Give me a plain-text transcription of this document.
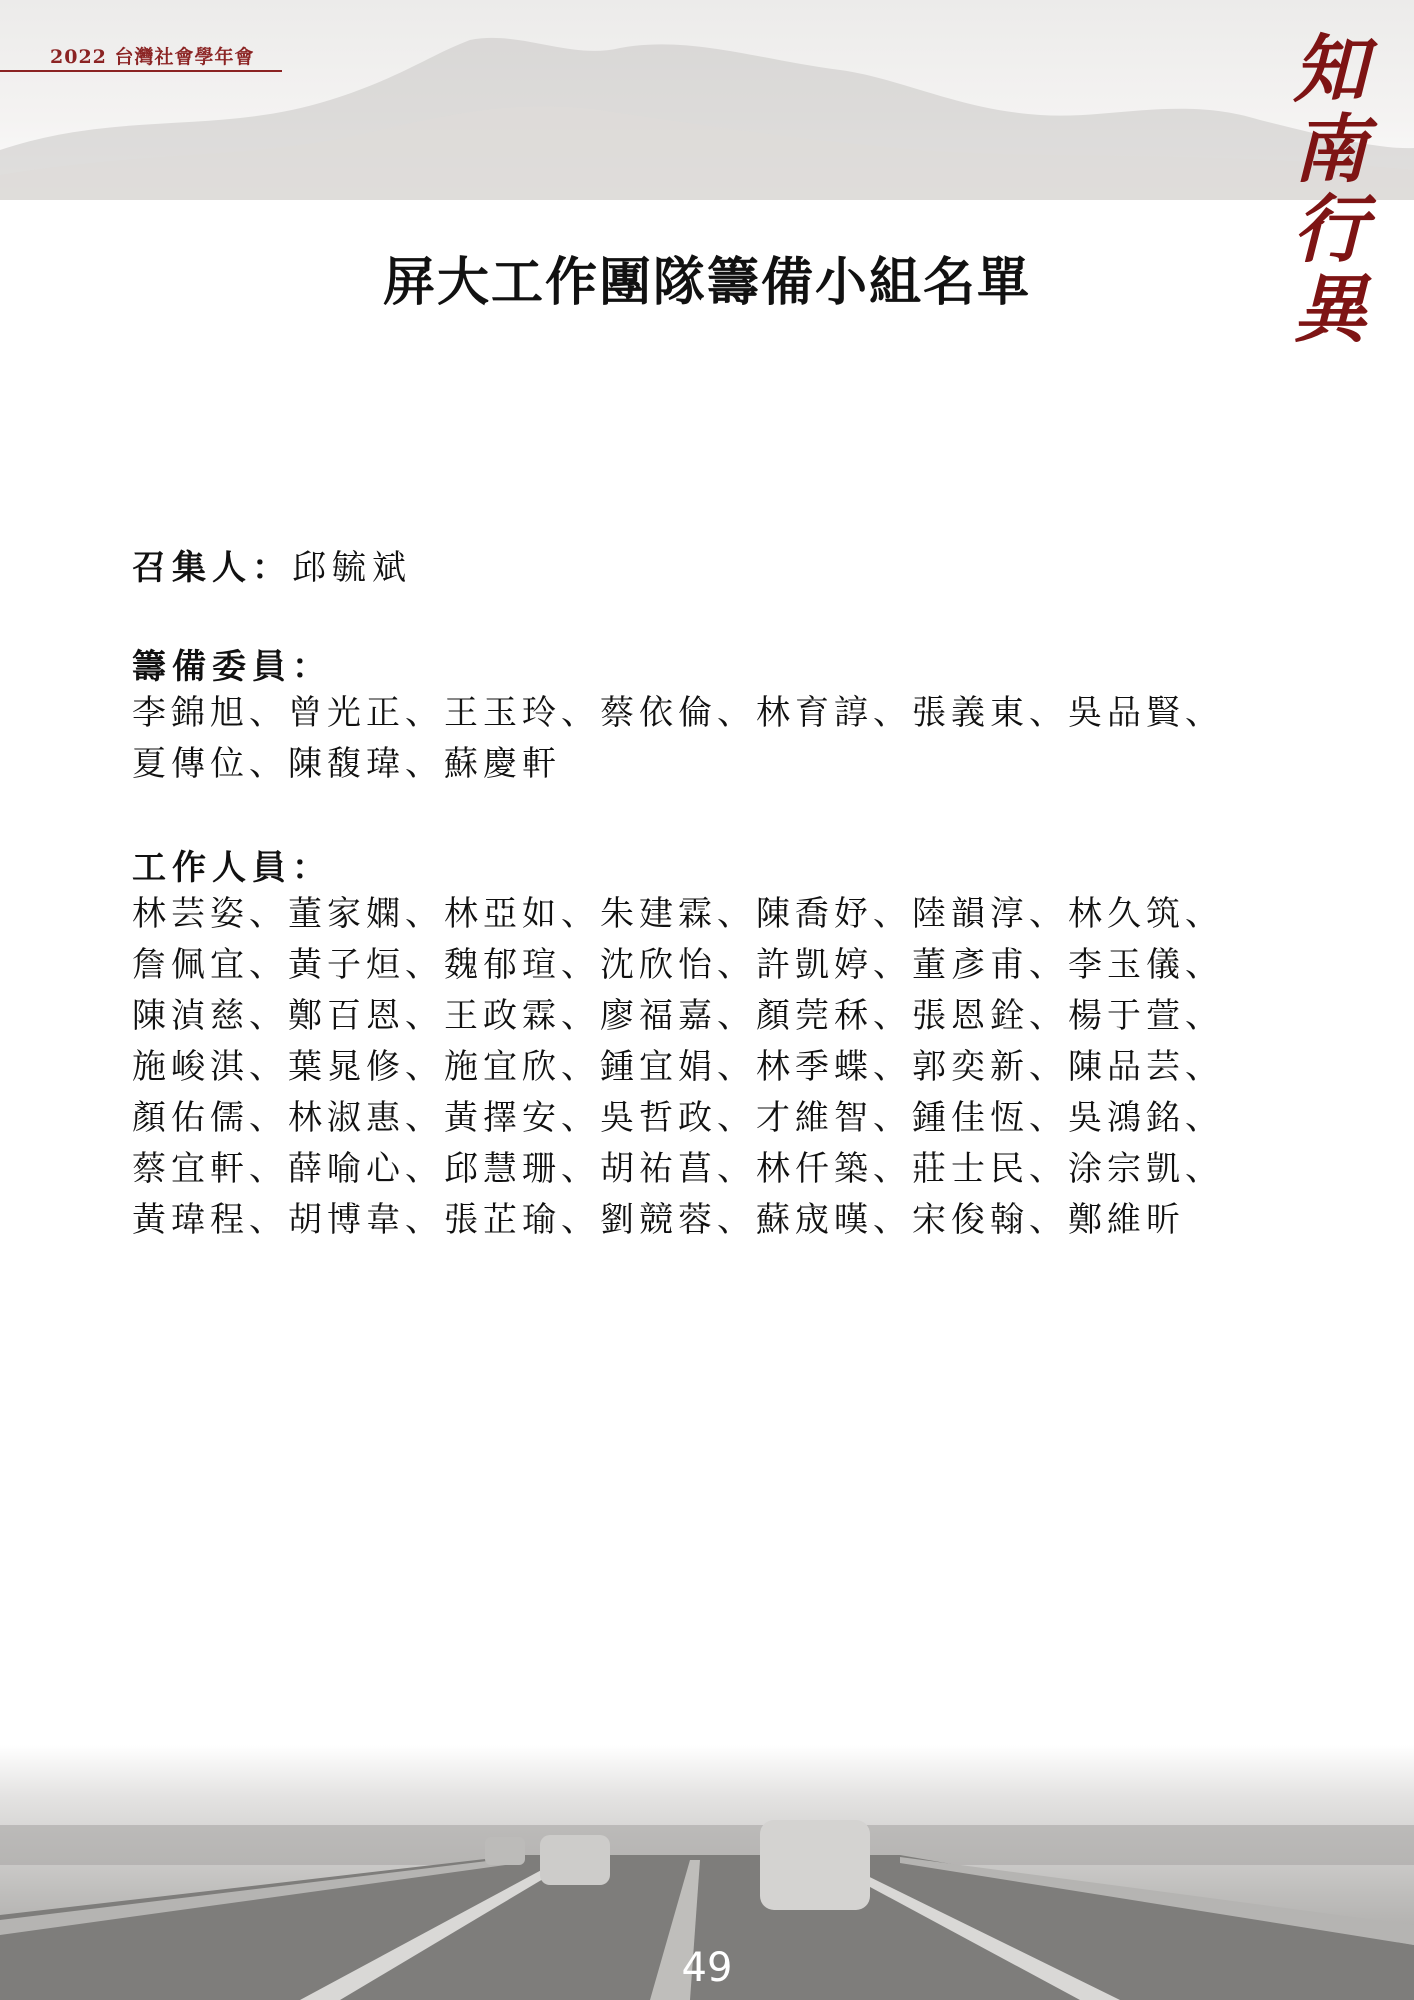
2022 台灣社會學年會	知
南
行
異
屏大工作團隊籌備小組名單

召集人：邱毓斌

籌備委員：

李錦旭、曾光正、王玉玲、蔡依倫、林育諄、張義東、吳品賢、
夏傳位、陳馥瑋、蘇慶軒

工作人員：

林芸姿、董家嫻、林亞如、朱建霖、陳喬妤、陸韻淳、林久筑、
詹佩宜、黃子烜、魏郁瑄、沈欣怡、許凱婷、董彥甫、李玉儀、
陳湞慈、鄭百恩、王政霖、廖福嘉、顏莞秝、張恩銓、楊于萱、
施峻淇、葉晁修、施宜欣、鍾宜娟、林季蝶、郭奕新、陳品芸、
顏佑儒、林淑惠、黃擇安、吳哲政、才維智、鍾佳恆、吳鴻銘、
蔡宜軒、薛喻心、邱慧珊、胡祐菖、林仟築、莊士民、涂宗凱、
黃瑋程、胡博韋、張芷瑜、劉競蓉、蘇宬暵、宋俊翰、鄭維昕

49
